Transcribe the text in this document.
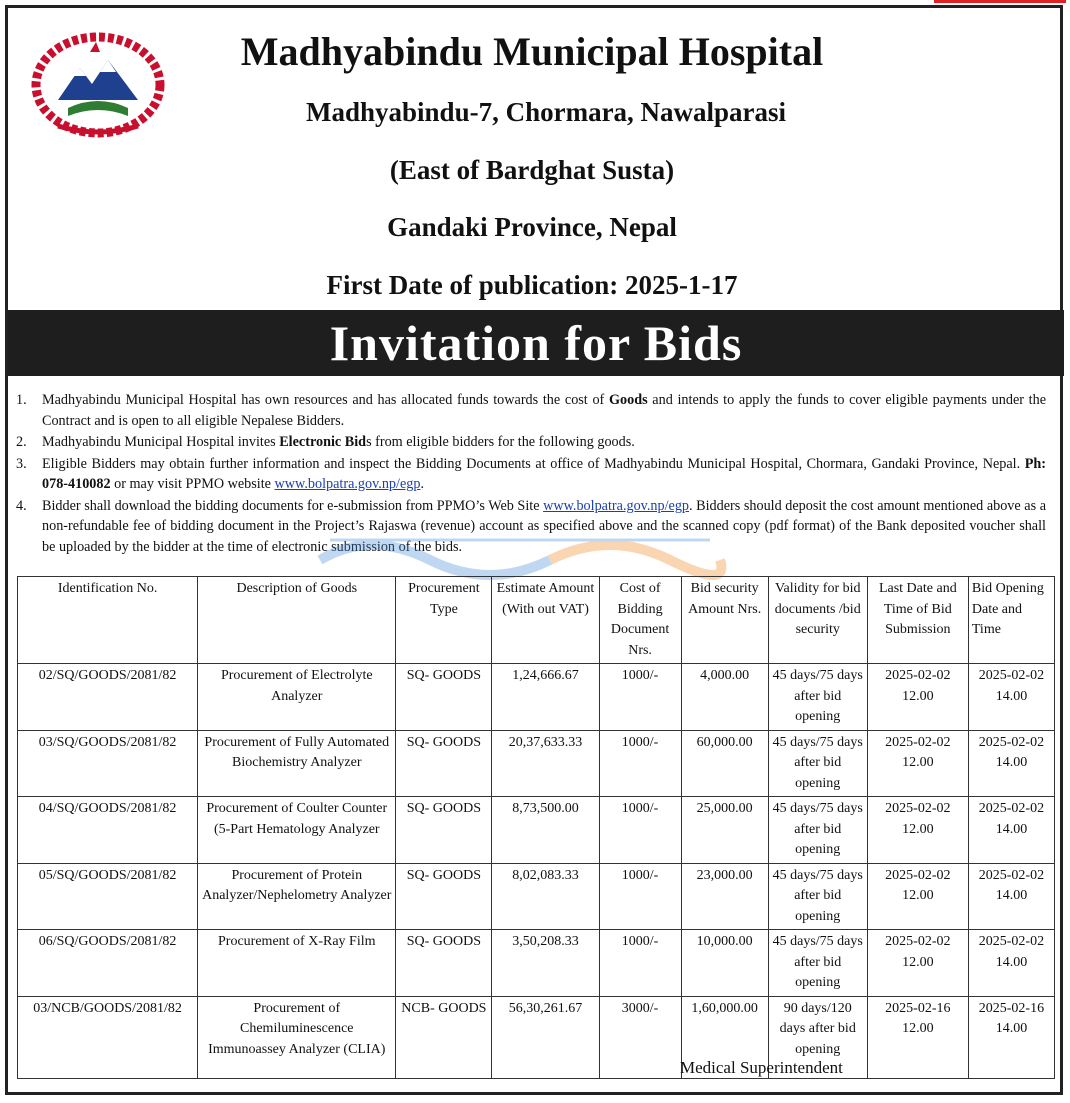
Madhyabindu Municipal Hospital
Madhyabindu-7, Chormara, Nawalparasi
(East of Bardghat Susta)
Gandaki Province, Nepal
First Date of publication: 2025-1-17
Invitation for Bids
1. Madhyabindu Municipal Hospital has own resources and has allocated funds towards the cost of Goods and intends to apply the funds to cover eligible payments under the Contract and is open to all eligible Nepalese Bidders.
2. Madhyabindu Municipal Hospital invites Electronic Bids from eligible bidders for the following goods.
3. Eligible Bidders may obtain further information and inspect the Bidding Documents at office of Madhyabindu Municipal Hospital, Chormara, Gandaki Province, Nepal. Ph: 078-410082 or may visit PPMO website www.bolpatra.gov.np/egp.
4. Bidder shall download the bidding documents for e-submission from PPMO’s Web Site www.bolpatra.gov.np/egp. Bidders should deposit the cost amount mentioned above as a non-refundable fee of bidding document in the Project’s Rajaswa (revenue) account as specified above and the scanned copy (pdf format) of the Bank deposited voucher shall be uploaded by the bidder at the time of electronic submission of the bids.
Identification No.	Description of Goods	Procurement Type	Estimate Amount (With out VAT)	Cost of Bidding Document Nrs.	Bid security Amount Nrs.	Validity for bid documents /bid security	Last Date and Time of Bid Submission	Bid Opening Date and Time
02/SQ/GOODS/2081/82	Procurement of Electrolyte Analyzer	SQ- GOODS	1,24,666.67	1000/-	4,000.00	45 days/75 days after bid opening	2025-02-02 12.00	2025-02-02 14.00
03/SQ/GOODS/2081/82	Procurement of Fully Automated Biochemistry Analyzer	SQ- GOODS	20,37,633.33	1000/-	60,000.00	45 days/75 days after bid opening	2025-02-02 12.00	2025-02-02 14.00
04/SQ/GOODS/2081/82	Procurement of Coulter Counter (5-Part Hematology Analyzer	SQ- GOODS	8,73,500.00	1000/-	25,000.00	45 days/75 days after bid opening	2025-02-02 12.00	2025-02-02 14.00
05/SQ/GOODS/2081/82	Procurement of Protein Analyzer/Nephelometry Analyzer	SQ- GOODS	8,02,083.33	1000/-	23,000.00	45 days/75 days after bid opening	2025-02-02 12.00	2025-02-02 14.00
06/SQ/GOODS/2081/82	Procurement of X-Ray Film	SQ- GOODS	3,50,208.33	1000/-	10,000.00	45 days/75 days after bid opening	2025-02-02 12.00	2025-02-02 14.00
03/NCB/GOODS/2081/82	Procurement of Chemiluminescence Immunoassey Analyzer (CLIA)	NCB- GOODS	56,30,261.67	3000/-	1,60,000.00	90 days/120 days after bid opening	2025-02-16 12.00	2025-02-16 14.00
Medical Superintendent
